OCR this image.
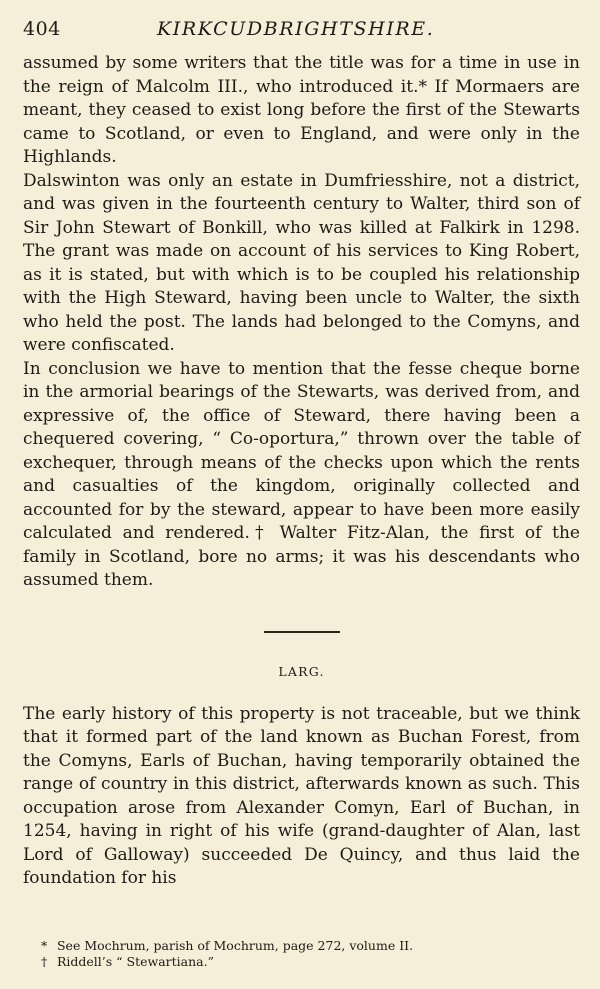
404	KIRKCUDBRIGHTSHIRE.

assumed by some writers that the title was for a time in use in the reign of Malcolm III., who introduced it.* If Mormaers are meant, they ceased to exist long before the first of the Stewarts came to Scotland, or even to England, and were only in the Highlands.

Dalswinton was only an estate in Dumfriesshire, not a district, and was given in the fourteenth century to Walter, third son of Sir John Stewart of Bonkill, who was killed at Falkirk in 1298. The grant was made on account of his services to King Robert, as it is stated, but with which is to be coupled his relationship with the High Steward, having been uncle to Walter, the sixth who held the post. The lands had belonged to the Comyns, and were confiscated.

In conclusion we have to mention that the fesse cheque borne in the armorial bearings of the Stewarts, was derived from, and expressive of, the office of Steward, there having been a chequered covering, “ Co-oportura,” thrown over the table of exchequer, through means of the checks upon which the rents and casualties of the kingdom, originally collected and accounted for by the steward, appear to have been more easily calculated and rendered.† Walter Fitz-Alan, the first of the family in Scotland, bore no arms; it was his descendants who assumed them.

LARG.

The early history of this property is not traceable, but we think that it formed part of the land known as Buchan Forest, from the Comyns, Earls of Buchan, having temporarily obtained the range of country in this district, afterwards known as such. This occupation arose from Alexander Comyn, Earl of Buchan, in 1254, having in right of his wife (grand-daughter of Alan, last Lord of Galloway) succeeded De Quincy, and thus laid the foundation for his

* See Mochrum, parish of Mochrum, page 272, volume II.

† Riddell’s “ Stewartiana.”
